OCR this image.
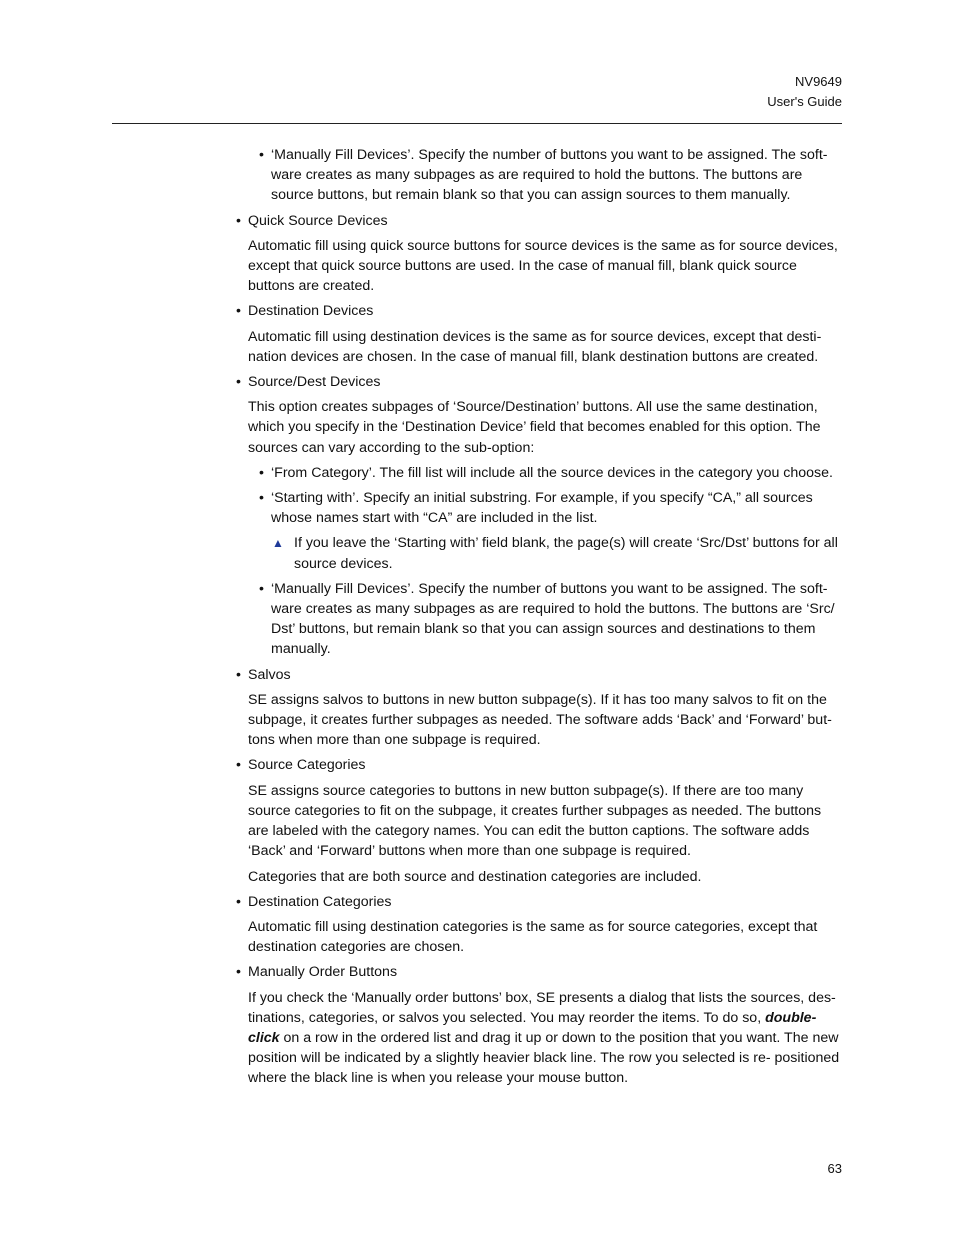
NV9649
User's Guide
• ‘Manually Fill Devices’. Specify the number of buttons you want to be assigned. The soft- ware creates as many subpages as are required to hold the buttons. The buttons are source buttons, but remain blank so that you can assign sources to them manually.
• Quick Source Devices
Automatic fill using quick source buttons for source devices is the same as for source devices, except that quick source buttons are used. In the case of manual fill, blank quick source buttons are created.
• Destination Devices
Automatic fill using destination devices is the same as for source devices, except that desti- nation devices are chosen. In the case of manual fill, blank destination buttons are created.
• Source/Dest Devices
This option creates subpages of ‘Source/Destination’ buttons. All use the same destination, which you specify in the ‘Destination Device’ field that becomes enabled for this option. The sources can vary according to the sub-option:
• ‘From Category’. The fill list will include all the source devices in the category you choose.
• ‘Starting with’. Specify an initial substring. For example, if you specify “CA,” all sources whose names start with “CA” are included in the list.
▲ If you leave the ‘Starting with’ field blank, the page(s) will create ‘Src/Dst’ buttons for all source devices.
• ‘Manually Fill Devices’. Specify the number of buttons you want to be assigned. The soft- ware creates as many subpages as are required to hold the buttons. The buttons are ‘Src/ Dst’ buttons, but remain blank so that you can assign sources and destinations to them manually.
• Salvos
SE assigns salvos to buttons in new button subpage(s). If it has too many salvos to fit on the subpage, it creates further subpages as needed. The software adds ‘Back’ and ‘Forward’ but- tons when more than one subpage is required.
• Source Categories
SE assigns source categories to buttons in new button subpage(s). If there are too many source categories to fit on the subpage, it creates further subpages as needed. The buttons are labeled with the category names. You can edit the button captions. The software adds ‘Back’ and ‘Forward’ buttons when more than one subpage is required.
Categories that are both source and destination categories are included.
• Destination Categories
Automatic fill using destination categories is the same as for source categories, except that destination categories are chosen.
• Manually Order Buttons
If you check the ‘Manually order buttons’ box, SE presents a dialog that lists the sources, des- tinations, categories, or salvos you selected. You may reorder the items. To do so, double- click on a row in the ordered list and drag it up or down to the position that you want. The new position will be indicated by a slightly heavier black line. The row you selected is re- positioned where the black line is when you release your mouse button.
63
